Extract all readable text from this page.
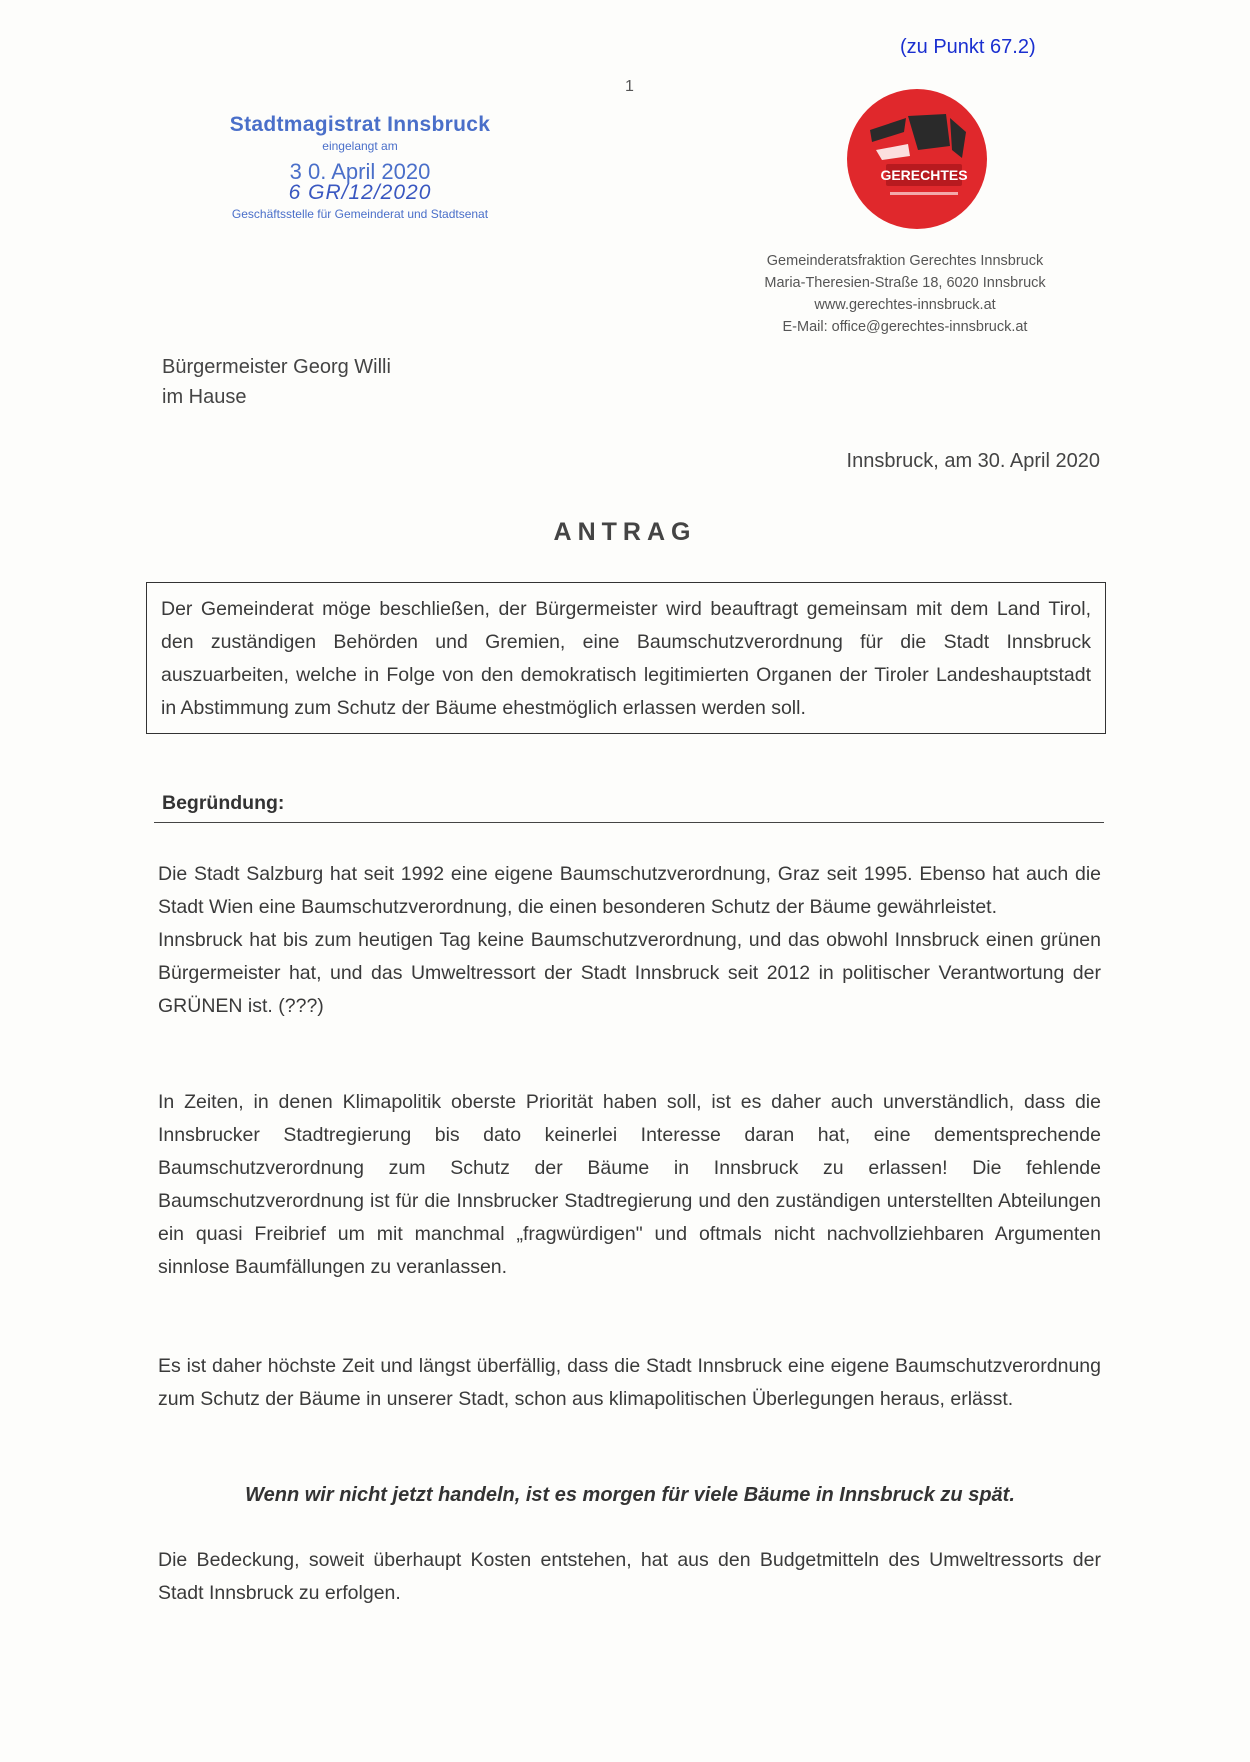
(zu Punkt 67.2)
1
Stadtmagistrat Innsbruck
eingelangt am
3 0. April 2020
6 GR/12/2020
Geschäftsstelle für Gemeinderat und Stadtsenat
GERECHTES
Gemeinderatsfraktion Gerechtes Innsbruck
Maria-Theresien-Straße 18, 6020 Innsbruck
www.gerechtes-innsbruck.at
E-Mail: office@gerechtes-innsbruck.at
Bürgermeister Georg Willi
im Hause
Innsbruck, am 30. April 2020
ANTRAG
Der Gemeinderat möge beschließen, der Bürgermeister wird beauftragt gemeinsam mit dem Land Tirol, den zuständigen Behörden und Gremien, eine Baumschutzverordnung für die Stadt Innsbruck auszuarbeiten, welche in Folge von den demokratisch legitimierten Organen der Tiroler Landeshauptstadt in Abstimmung zum Schutz der Bäume ehestmöglich erlassen werden soll.
Begründung:

Die Stadt Salzburg hat seit 1992 eine eigene Baumschutzverordnung, Graz seit 1995. Ebenso hat auch die Stadt Wien eine Baumschutzverordnung, die einen besonderen Schutz der Bäume gewährleistet.

Innsbruck hat bis zum heutigen Tag keine Baumschutzverordnung, und das obwohl Innsbruck einen grünen Bürgermeister hat, und das Umweltressort der Stadt Innsbruck seit 2012 in politischer Verantwortung der GRÜNEN ist. (???)

In Zeiten, in denen Klimapolitik oberste Priorität haben soll, ist es daher auch unverständlich, dass die Innsbrucker Stadtregierung bis dato keinerlei Interesse daran hat, eine dementsprechende Baumschutzverordnung zum Schutz der Bäume in Innsbruck zu erlassen! Die fehlende Baumschutzverordnung ist für die Innsbrucker Stadtregierung und den zuständigen unterstellten Abteilungen ein quasi Freibrief um mit manchmal „fragwürdigen" und oftmals nicht nachvollziehbaren Argumenten sinnlose Baumfällungen zu veranlassen.
Es ist daher höchste Zeit und längst überfällig, dass die Stadt Innsbruck eine eigene Baumschutzverordnung zum Schutz der Bäume in unserer Stadt, schon aus klimapolitischen Überlegungen heraus, erlässt.
Wenn wir nicht jetzt handeln, ist es morgen für viele Bäume in Innsbruck zu spät.
Die Bedeckung, soweit überhaupt Kosten entstehen, hat aus den Budgetmitteln des Umweltressorts der Stadt Innsbruck zu erfolgen.
